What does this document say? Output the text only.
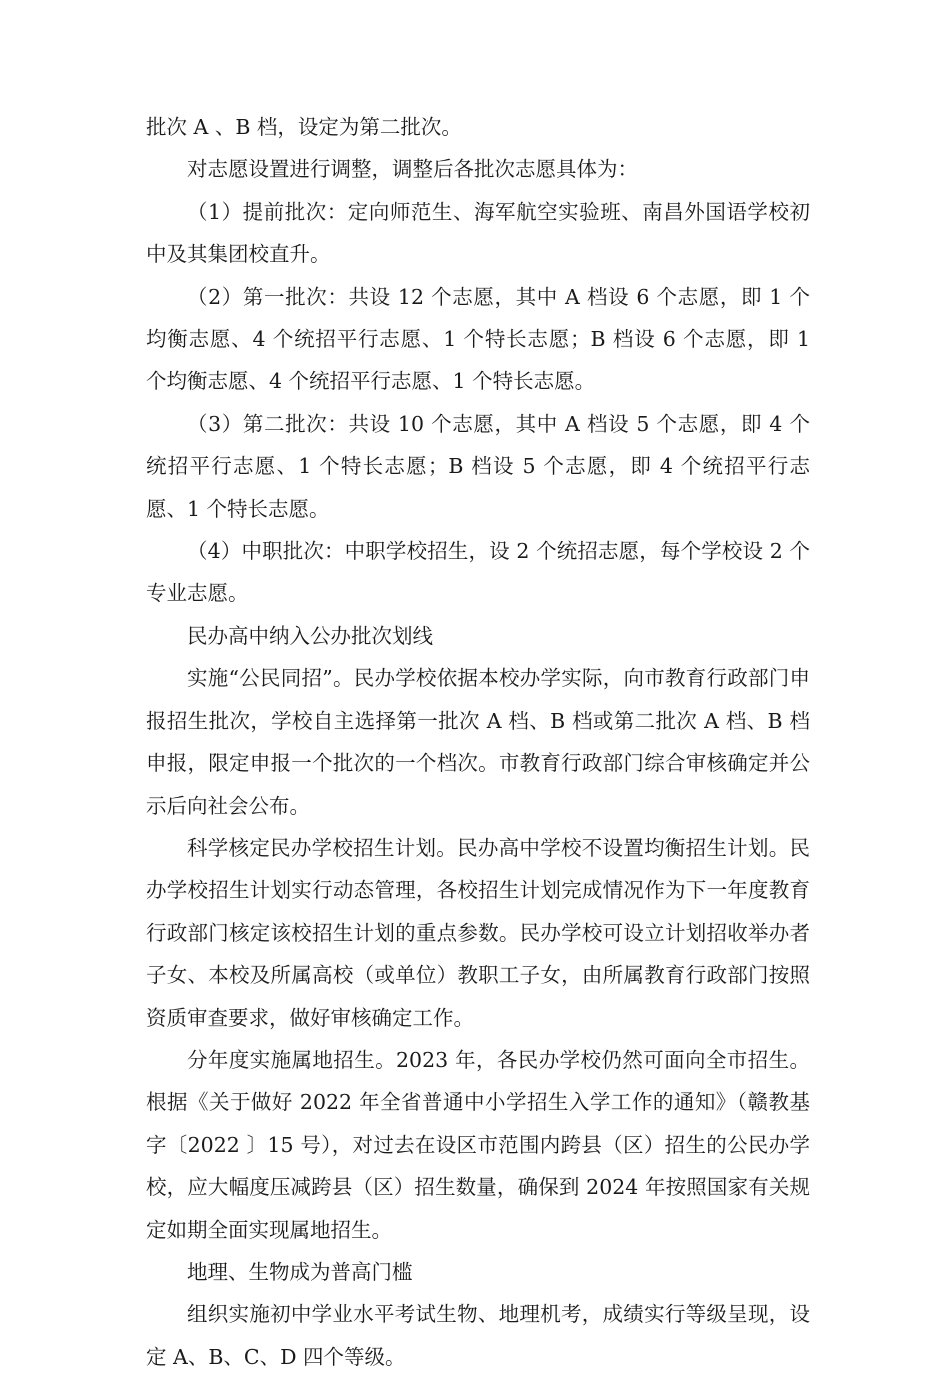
批次 A 、B 档，设定为第二批次。

对志愿设置进行调整，调整后各批次志愿具体为：

（1）提前批次：定向师范生、海军航空实验班、南昌外国语学校初中及其集团校直升。

（2）第一批次：共设 12 个志愿，其中 A 档设 6 个志愿，即 1 个均衡志愿、4 个统招平行志愿、1 个特长志愿；B 档设 6 个志愿，即 1 个均衡志愿、4 个统招平行志愿、1 个特长志愿。

（3）第二批次：共设 10 个志愿，其中 A 档设 5 个志愿，即 4 个统招平行志愿、1 个特长志愿；B 档设 5 个志愿，即 4 个统招平行志愿、1 个特长志愿。

（4）中职批次：中职学校招生，设 2 个统招志愿，每个学校设 2 个专业志愿。

民办高中纳入公办批次划线

实施“公民同招”。民办学校依据本校办学实际，向市教育行政部门申报招生批次，学校自主选择第一批次 A 档、B 档或第二批次 A 档、B 档申报，限定申报一个批次的一个档次。市教育行政部门综合审核确定并公示后向社会公布。

科学核定民办学校招生计划。民办高中学校不设置均衡招生计划。民办学校招生计划实行动态管理，各校招生计划完成情况作为下一年度教育行政部门核定该校招生计划的重点参数。民办学校可设立计划招收举办者子女、本校及所属高校（或单位）教职工子女，由所属教育行政部门按照资质审查要求，做好审核确定工作。

分年度实施属地招生。2023 年，各民办学校仍然可面向全市招生。根据《关于做好 2022 年全省普通中小学招生入学工作的通知》（赣教基字〔2022 〕15 号），对过去在设区市范围内跨县（区）招生的公民办学校，应大幅度压减跨县（区）招生数量，确保到 2024 年按照国家有关规定如期全面实现属地招生。

地理、生物成为普高门槛

组织实施初中学业水平考试生物、地理机考，成绩实行等级呈现，设定 A、B、C、D 四个等级。
